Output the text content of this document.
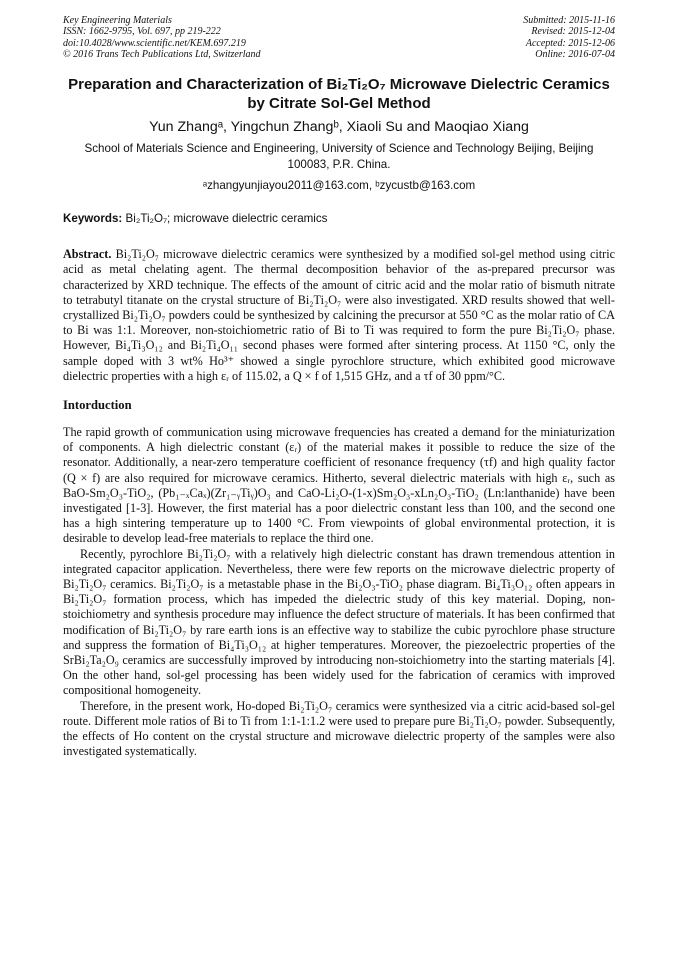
Key Engineering Materials
ISSN: 1662-9795, Vol. 697, pp 219-222
doi:10.4028/www.scientific.net/KEM.697.219
© 2016 Trans Tech Publications Ltd, Switzerland
Submitted: 2015-11-16
Revised: 2015-12-04
Accepted: 2015-12-06
Online: 2016-07-04
Preparation and Characterization of Bi₂Ti₂O₇ Microwave Dielectric Ceramics by Citrate Sol-Gel Method
Yun Zhangᵃ, Yingchun Zhangᵇ, Xiaoli Su and Maoqiao Xiang
School of Materials Science and Engineering, University of Science and Technology Beijing, Beijing 100083, P.R. China.
ᵃzhangyunjiayou2011@163.com, ᵇzycustb@163.com
Keywords: Bi₂Ti₂O₇; microwave dielectric ceramics

Abstract. Bi₂Ti₂O₇ microwave dielectric ceramics were synthesized by a modified sol-gel method using citric acid as metal chelating agent. The thermal decomposition behavior of the as-prepared precursor was characterized by XRD technique. The effects of the amount of citric acid and the molar ratio of bismuth nitrate to tetrabutyl titanate on the crystal structure of Bi₂Ti₂O₇ were also investigated. XRD results showed that well-crystallized Bi₂Ti₂O₇ powders could be synthesized by calcining the precursor at 550 °C as the molar ratio of CA to Bi was 1:1. Moreover, non-stoichiometric ratio of Bi to Ti was required to form the pure Bi₂Ti₂O₇ phase. However, Bi₄Ti₃O₁₂ and Bi₂Ti₄O₁₁ second phases were formed after sintering process. At 1150 °C, only the sample doped with 3 wt% Ho³⁺ showed a single pyrochlore structure, which exhibited good microwave dielectric properties with a high εᵣ of 115.02, a Q × f of 1,515 GHz, and a τf of 30 ppm/°C.

Intorduction

The rapid growth of communication using microwave frequencies has created a demand for the miniaturization of components. A high dielectric constant (εᵣ) of the material makes it possible to reduce the size of the resonator. Additionally, a near-zero temperature coefficient of resonance frequency (τf) and high quality factor (Q × f) are also required for microwave ceramics. Hitherto, several dielectric materials with high εᵣ, such as BaO-Sm₂O₃-TiO₂, (Pb₁₋ₓCaₓ)(Zr₁₋ᵧTiᵧ)O₃ and CaO-Li₂O-(1-x)Sm₂O₃-xLn₂O₃-TiO₂ (Ln:lanthanide) have been investigated [1-3]. However, the first material has a poor dielectric constant less than 100, and the second one has a high sintering temperature up to 1400 °C. From viewpoints of global environmental protection, it is desirable to develop lead-free materials to replace the third one.

Recently, pyrochlore Bi₂Ti₂O₇ with a relatively high dielectric constant has drawn tremendous attention in integrated capacitor application. Nevertheless, there were few reports on the microwave dielectric property of Bi₂Ti₂O₇ ceramics. Bi₂Ti₂O₇ is a metastable phase in the Bi₂O₃-TiO₂ phase diagram. Bi₄Ti₃O₁₂ often appears in Bi₂Ti₂O₇ formation process, which has impeded the dielectric study of this key material. Doping, non-stoichiometry and synthesis procedure may influence the defect structure of materials. It has been confirmed that modification of Bi₂Ti₂O₇ by rare earth ions is an effective way to stabilize the cubic pyrochlore phase structure and suppress the formation of Bi₄Ti₃O₁₂ at higher temperatures. Moreover, the piezoelectric properties of the SrBi₂Ta₂O₉ ceramics are successfully improved by introducing non-stoichiometry into the starting materials [4]. On the other hand, sol-gel processing has been widely used for the fabrication of ceramics with improved compositional homogeneity.

Therefore, in the present work, Ho-doped Bi₂Ti₂O₇ ceramics were synthesized via a citric acid-based sol-gel route. Different mole ratios of Bi to Ti from 1:1-1:1.2 were used to prepare pure Bi₂Ti₂O₇ powder. Subsequently, the effects of Ho content on the crystal structure and microwave dielectric property of the samples were also investigated systematically.
